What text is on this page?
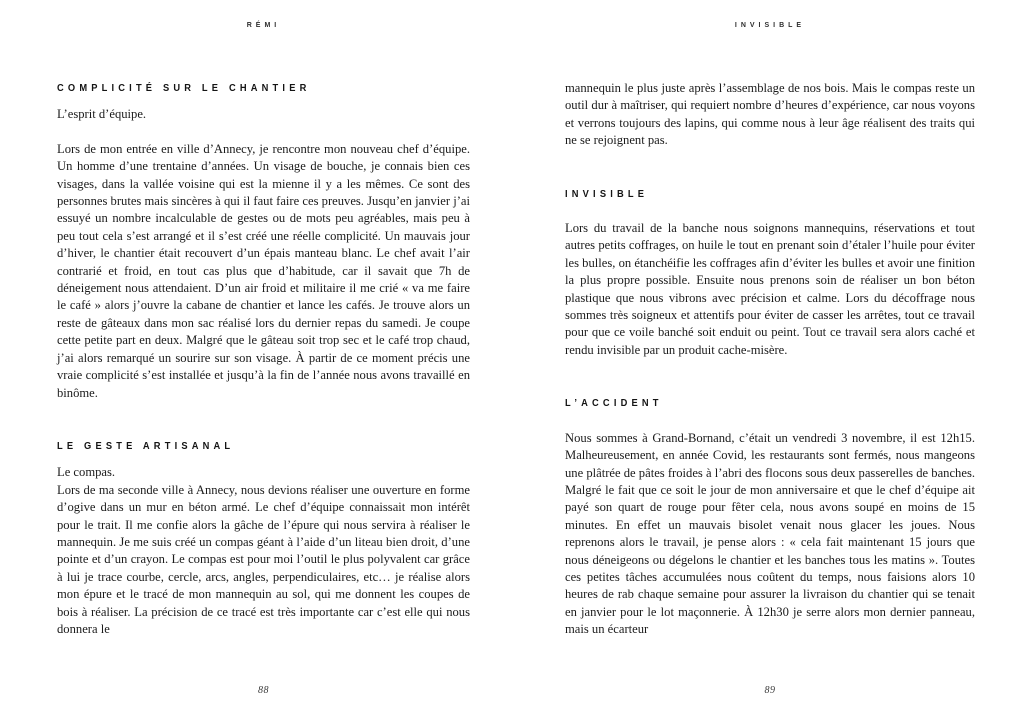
RÉMI
COMPLICITÉ SUR LE CHANTIER
L’esprit d’équipe.
Lors de mon entrée en ville d’Annecy, je rencontre mon nouveau chef d’équipe. Un homme d’une trentaine d’années. Un visage de bouche, je connais bien ces visages, dans la vallée voisine qui est la mienne il y a les mêmes. Ce sont des personnes brutes mais sincères à qui il faut faire ces preuves. Jusqu’en janvier j’ai essuyé un nombre incalculable de gestes ou de mots peu agréables, mais peu à peu tout cela s’est arrangé et il s’est créé une réelle complicité. Un mauvais jour d’hiver, le chantier était recouvert d’un épais manteau blanc. Le chef avait l’air contrarié et froid, en tout cas plus que d’habitude, car il savait que 7h de déneigement nous attendaient. D’un air froid et militaire il me crié « va me faire le café » alors j’ouvre la cabane de chantier et lance les cafés. Je trouve alors un reste de gâteaux dans mon sac réalisé lors du dernier repas du samedi. Je coupe cette petite part en deux. Malgré que le gâteau soit trop sec et le café trop chaud, j’ai alors remarqué un sourire sur son visage. À partir de ce moment précis une vraie complicité s’est installée et jusqu’à la fin de l’année nous avons travaillé en binôme.
LE GESTE ARTISANAL
Le compas.
Lors de ma seconde ville à Annecy, nous devions réaliser une ouverture en forme d’ogive dans un mur en béton armé. Le chef d’équipe connaissait mon intérêt pour le trait. Il me confie alors la gâche de l’épure qui nous servira à réaliser le mannequin. Je me suis créé un compas géant à l’aide d’un liteau bien droit, d’une pointe et d’un crayon. Le compas est pour moi l’outil le plus polyvalent car grâce à lui je trace courbe, cercle, arcs, angles, perpendiculaires, etc… je réalise alors mon épure et le tracé de mon mannequin au sol, qui me donnent les coupes de bois à réaliser. La précision de ce tracé est très importante car c’est elle qui nous donnera le
88
INVISIBLE
mannequin le plus juste après l’assemblage de nos bois. Mais le compas reste un outil dur à maîtriser, qui requiert nombre d’heures d’expérience, car nous voyons et verrons toujours des lapins, qui comme nous à leur âge réalisent des traits qui ne se rejoignent pas.
INVISIBLE
Lors du travail de la banche nous soignons mannequins, réservations et tout autres petits coffrages, on huile le tout en prenant soin d’étaler l’huile pour éviter les bulles, on étanchéifie les coffrages afin d’éviter les bulles et avoir une finition la plus propre possible. Ensuite nous prenons soin de réaliser un bon béton plastique que nous vibrons avec précision et calme. Lors du décoffrage nous sommes très soigneux et attentifs pour éviter de casser les arrêtes, tout ce travail pour que ce voile banché soit enduit ou peint. Tout ce travail sera alors caché et rendu invisible par un produit cache-misère.
L’ACCIDENT
Nous sommes à Grand-Bornand, c’était un vendredi 3 novembre, il est 12h15. Malheureusement, en année Covid, les restaurants sont fermés, nous mangeons une plâtrée de pâtes froides à l’abri des flocons sous deux passerelles de banches. Malgré le fait que ce soit le jour de mon anniversaire et que le chef d’équipe ait payé son quart de rouge pour fêter cela, nous avons soupé en moins de 15 minutes. En effet un mauvais bisolet venait nous glacer les joues. Nous reprenons alors le travail, je pense alors : « cela fait maintenant 15 jours que nous déneigeons ou dégelons le chantier et les banches tous les matins ». Toutes ces petites tâches accumulées nous coûtent du temps, nous faisions alors 10 heures de rab chaque semaine pour assurer la livraison du chantier qui se tenait en janvier pour le lot maçonnerie. À 12h30 je serre alors mon dernier panneau, mais un écarteur
89
